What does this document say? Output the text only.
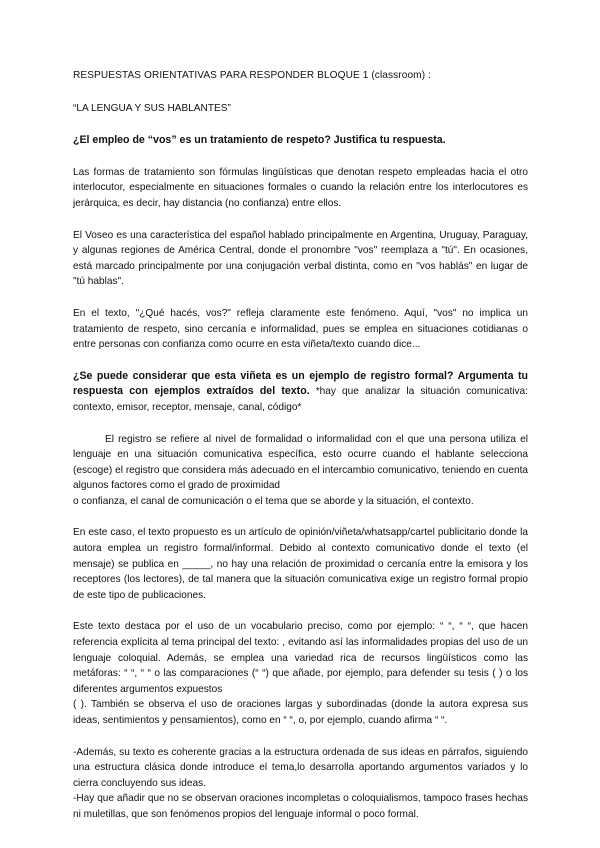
RESPUESTAS ORIENTATIVAS PARA RESPONDER BLOQUE 1 (classroom) :

“LA LENGUA Y SUS HABLANTES”

¿El empleo de “vos” es un tratamiento de respeto? Justifica tu respuesta.

Las formas de tratamiento son fórmulas lingüísticas que denotan respeto empleadas hacia el otro interlocutor, especialmente en situaciones formales o cuando la relación entre los interlocutores es jerárquica, es decir, hay distancia (no confianza) entre ellos.

El Voseo es una característica del español hablado principalmente en Argentina, Uruguay, Paraguay, y algunas regiones de América Central, donde el pronombre "vos" reemplaza a "tú". En ocasiones, está marcado principalmente por una conjugación verbal distinta, como en "vos hablás" en lugar de "tú hablas".

En el texto, "¿Qué hacés, vos?" refleja claramente este fenómeno. Aquí, "vos" no implica un tratamiento de respeto, sino cercanía e informalidad, pues se emplea en situaciones cotidianas o entre personas con confianza como ocurre en esta viñeta/texto cuando dice...

¿Se puede considerar que esta viñeta es un ejemplo de registro formal? Argumenta tu respuesta con ejemplos extraídos del texto. *hay que analizar la situación comunicativa: contexto, emisor, receptor, mensaje, canal, código*

El registro se refiere al nivel de formalidad o informalidad con el que una persona utiliza el lenguaje en una situación comunicativa específica, esto ocurre cuando el hablante selecciona (escoge) el registro que considera más adecuado en el intercambio comunicativo, teniendo en cuenta algunos factores como el grado de proximidad

o confianza, el canal de comunicación o el tema que se aborde y la situación, el contexto.

En este caso, el texto propuesto es un artículo de opinión/viñeta/whatsapp/cartel publicitario donde la autora emplea un registro formal/informal. Debido al contexto comunicativo donde el texto (el mensaje) se publica en _____, no hay una relación de proximidad o cercanía entre la emisora y los receptores (los lectores), de tal manera que la situación comunicativa exige un registro formal propio de este tipo de publicaciones.

Este texto destaca por el uso de un vocabulario preciso, como por ejemplo: “ “, “ “, que hacen referencia explícita al tema principal del texto: , evitando así las informalidades propias del uso de un lenguaje coloquial. Además, se emplea una variedad rica de recursos lingüísticos como las metáforas: “ “, “ “ o las comparaciones (“ “) que añade, por ejemplo, para defender su tesis ( ) o los diferentes argumentos expuestos

( ). También se observa el uso de oraciones largas y subordinadas (donde la autora expresa sus ideas, sentimientos y pensamientos), como en “ “, o, por ejemplo, cuando afirma “ “.

-Además, su texto es coherente gracias a la estructura ordenada de sus ideas en párrafos, siguiendo una estructura clásica donde introduce el tema,lo desarrolla aportando argumentos variados y lo cierra concluyendo sus ideas.

-Hay que añadir que no se observan oraciones incompletas o coloquialismos, tampoco frases hechas ni muletillas, que son fenómenos propios del lenguaje informal o poco formal.
